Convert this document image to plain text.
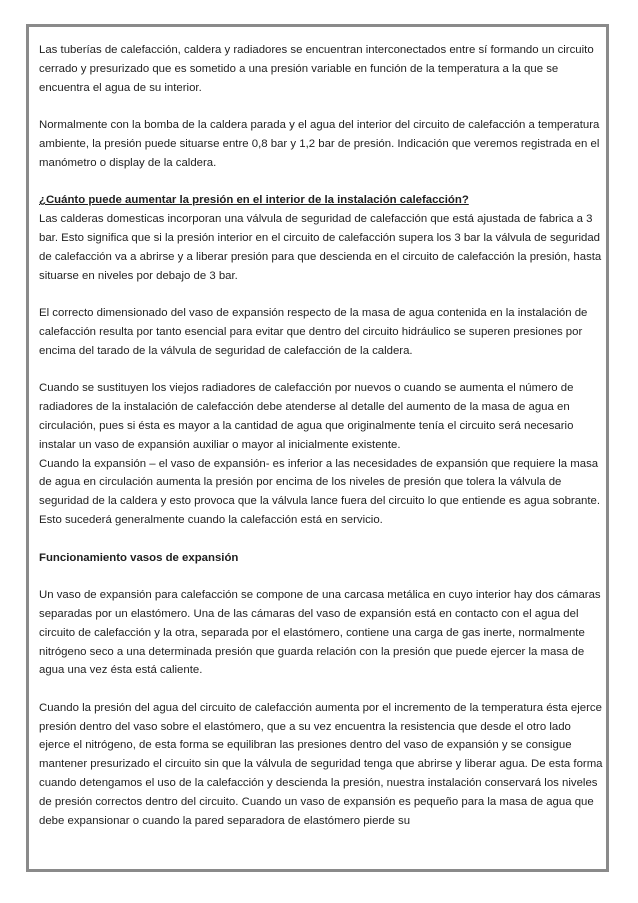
Las tuberías de calefacción, caldera y radiadores se encuentran interconectados entre sí formando un circuito cerrado y presurizado que es sometido a una presión variable en función de la temperatura a la que se encuentra el agua de su interior.

Normalmente con la bomba de la caldera parada y el agua del interior del circuito de calefacción a temperatura ambiente, la presión puede situarse entre 0,8 bar y 1,2 bar de presión. Indicación que veremos registrada en el manómetro o display de la caldera.

¿Cuánto puede aumentar la presión en el interior de la instalación calefacción?

Las calderas domesticas incorporan una válvula de seguridad de calefacción que está ajustada de fabrica a 3 bar. Esto significa que si la presión interior en el circuito de calefacción supera los 3 bar la válvula de seguridad de calefacción va a abrirse y a liberar presión para que descienda en el circuito de calefacción la presión, hasta situarse en niveles por debajo de 3 bar.

El correcto dimensionado del vaso de expansión respecto de la masa de agua contenida en la instalación de calefacción resulta por tanto esencial para evitar que dentro del circuito hidráulico se superen presiones por encima del tarado de la válvula de seguridad de calefacción de la caldera.

Cuando se sustituyen los viejos radiadores de calefacción por nuevos o cuando se aumenta el número de radiadores de la instalación de calefacción debe atenderse al detalle del aumento de la masa de agua en circulación, pues si ésta es mayor a la cantidad de agua que originalmente tenía el circuito será necesario instalar un vaso de expansión auxiliar o mayor al inicialmente existente.

Cuando la expansión – el vaso de expansión- es inferior a las necesidades de expansión que requiere la masa de agua en circulación aumenta la presión por encima de los niveles de presión que tolera la válvula de seguridad de la caldera y esto provoca que la válvula lance fuera del circuito lo que entiende es agua sobrante. Esto sucederá generalmente cuando la calefacción está en servicio.

Funcionamiento vasos de expansión

Un vaso de expansión para calefacción se compone de una carcasa metálica en cuyo interior hay dos cámaras separadas por un elastómero. Una de las cámaras del vaso de expansión está en contacto con el agua del circuito de calefacción y la otra, separada por el elastómero, contiene una carga de gas inerte, normalmente nitrógeno seco a una determinada presión que guarda relación con la presión que puede ejercer la masa de agua una vez ésta está caliente.

Cuando la presión del agua del circuito de calefacción aumenta por el incremento de la temperatura ésta ejerce presión dentro del vaso sobre el elastómero, que a su vez encuentra la resistencia que desde el otro lado ejerce el nitrógeno, de esta forma se equilibran las presiones dentro del vaso de expansión y se consigue mantener presurizado el circuito sin que la válvula de seguridad tenga que abrirse y liberar agua. De esta forma cuando detengamos el uso de la calefacción y descienda la presión, nuestra instalación conservará los niveles de presión correctos dentro del circuito. Cuando un vaso de expansión es pequeño para la masa de agua que debe expansionar o cuando la pared separadora de elastómero pierde su
